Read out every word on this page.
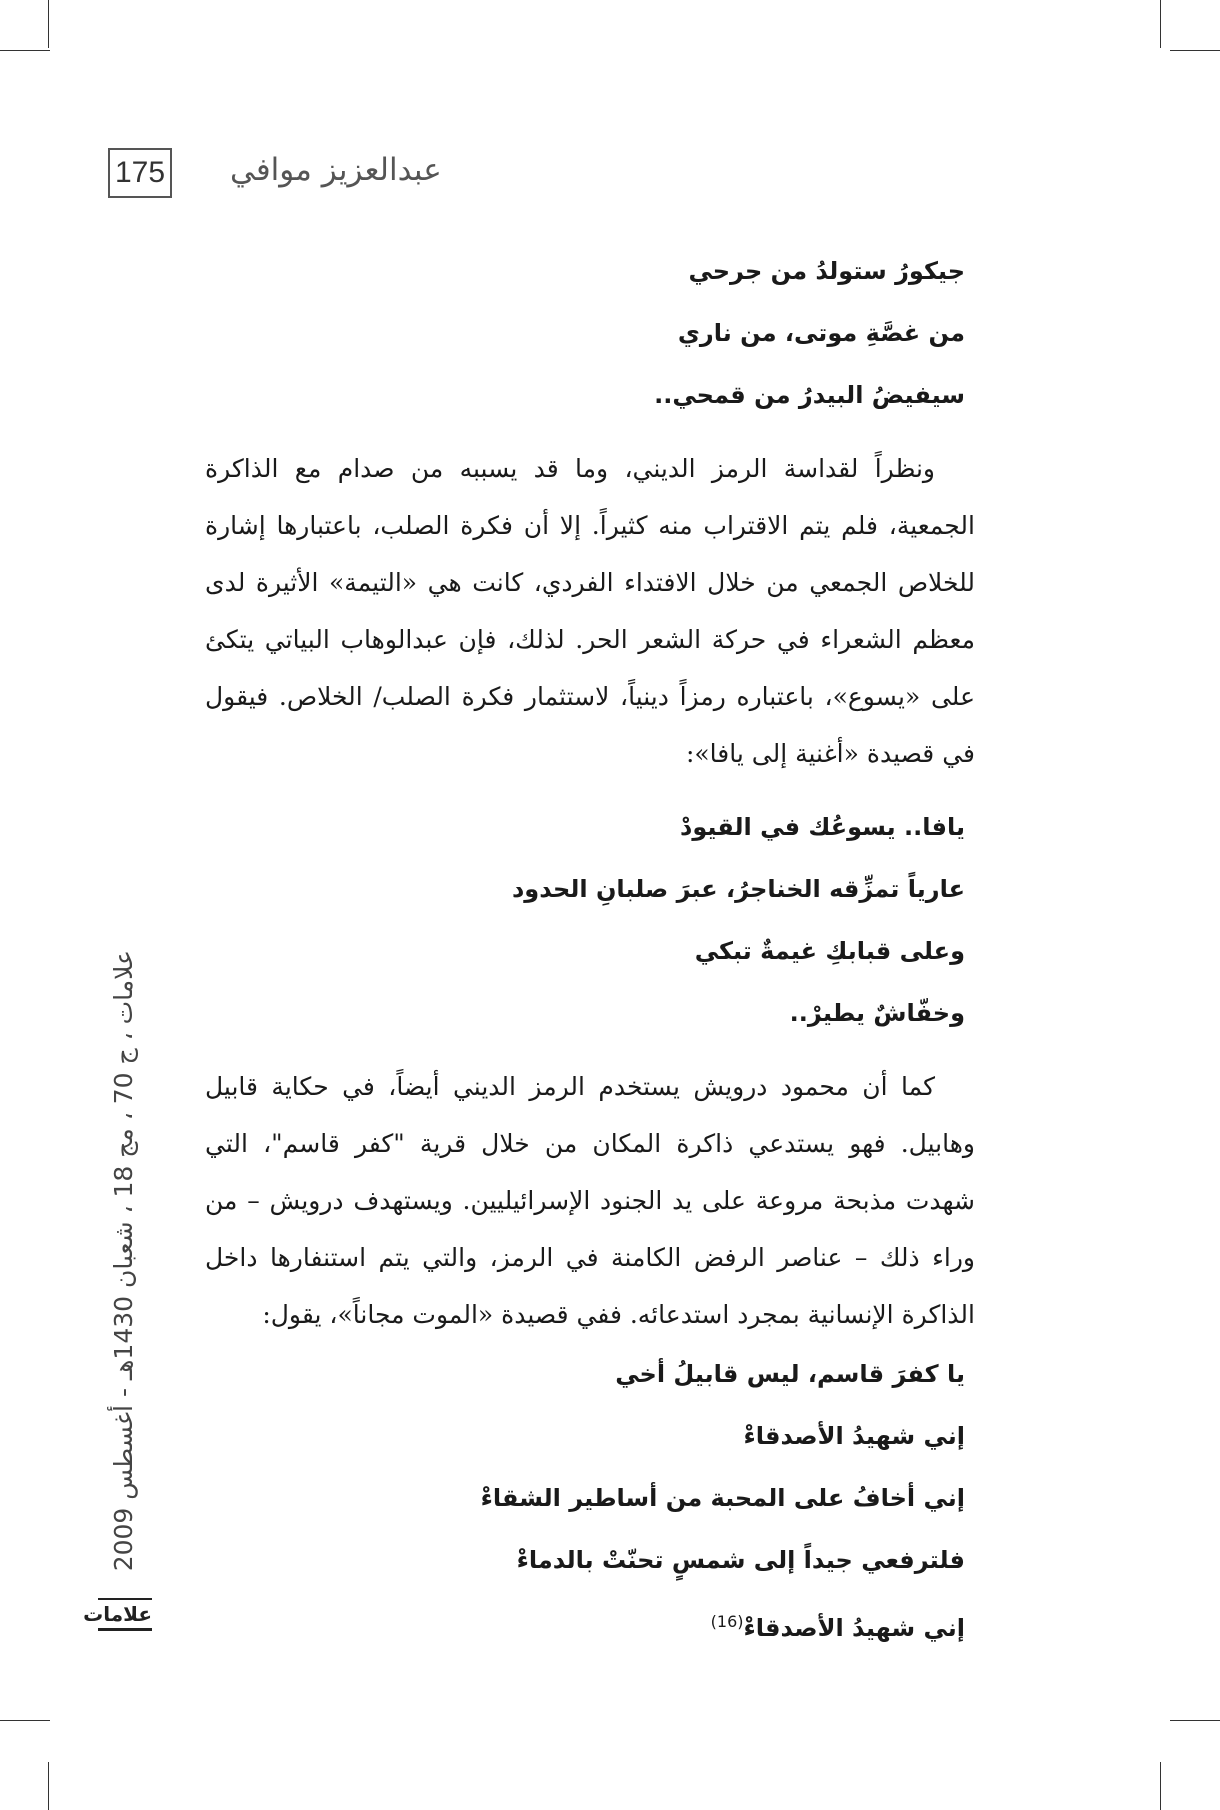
175 عبدالعزيز موافي
علامات ، ج 70 ، مج 18 ، شعبان 1430هـ - أغسطس 2009
علامات
جيكورُ ستولدُ من جرحي
من غصَّةِ موتى، من ناري
سيفيضُ البيدرُ من قمحي..
ونظراً لقداسة الرمز الديني، وما قد يسببه من صدام مع الذاكرة الجمعية، فلم يتم الاقتراب منه كثيراً. إلا أن فكرة الصلب، باعتبارها إشارة للخلاص الجمعي من خلال الافتداء الفردي، كانت هي «التيمة» الأثيرة لدى معظم الشعراء في حركة الشعر الحر. لذلك، فإن عبدالوهاب البياتي يتكئ على «يسوع»، باعتباره رمزاً دينياً، لاستثمار فكرة الصلب/ الخلاص. فيقول في قصيدة «أغنية إلى يافا»:
يافا.. يسوعُك في القيودْ
عارياً تمزِّقه الخناجرُ، عبرَ صلبانِ الحدود
وعلى قبابكِ غيمةٌ تبكي
وخفّاشٌ يطيرْ..
كما أن محمود درويش يستخدم الرمز الديني أيضاً، في حكاية قابيل وهابيل. فهو يستدعي ذاكرة المكان من خلال قرية "كفر قاسم"، التي شهدت مذبحة مروعة على يد الجنود الإسرائيليين. ويستهدف درويش – من وراء ذلك – عناصر الرفض الكامنة في الرمز، والتي يتم استنفارها داخل الذاكرة الإنسانية بمجرد استدعائه. ففي قصيدة «الموت مجاناً»، يقول:
يا كفرَ قاسم، ليس قابيلُ أخي
إني شهيدُ الأصدقاءْ
إني أخافُ على المحبة من أساطير الشقاءْ
فلترفعي جيداً إلى شمسٍ تحنّتْ بالدماءْ
إني شهيدُ الأصدقاءْ$^{(16)}$
